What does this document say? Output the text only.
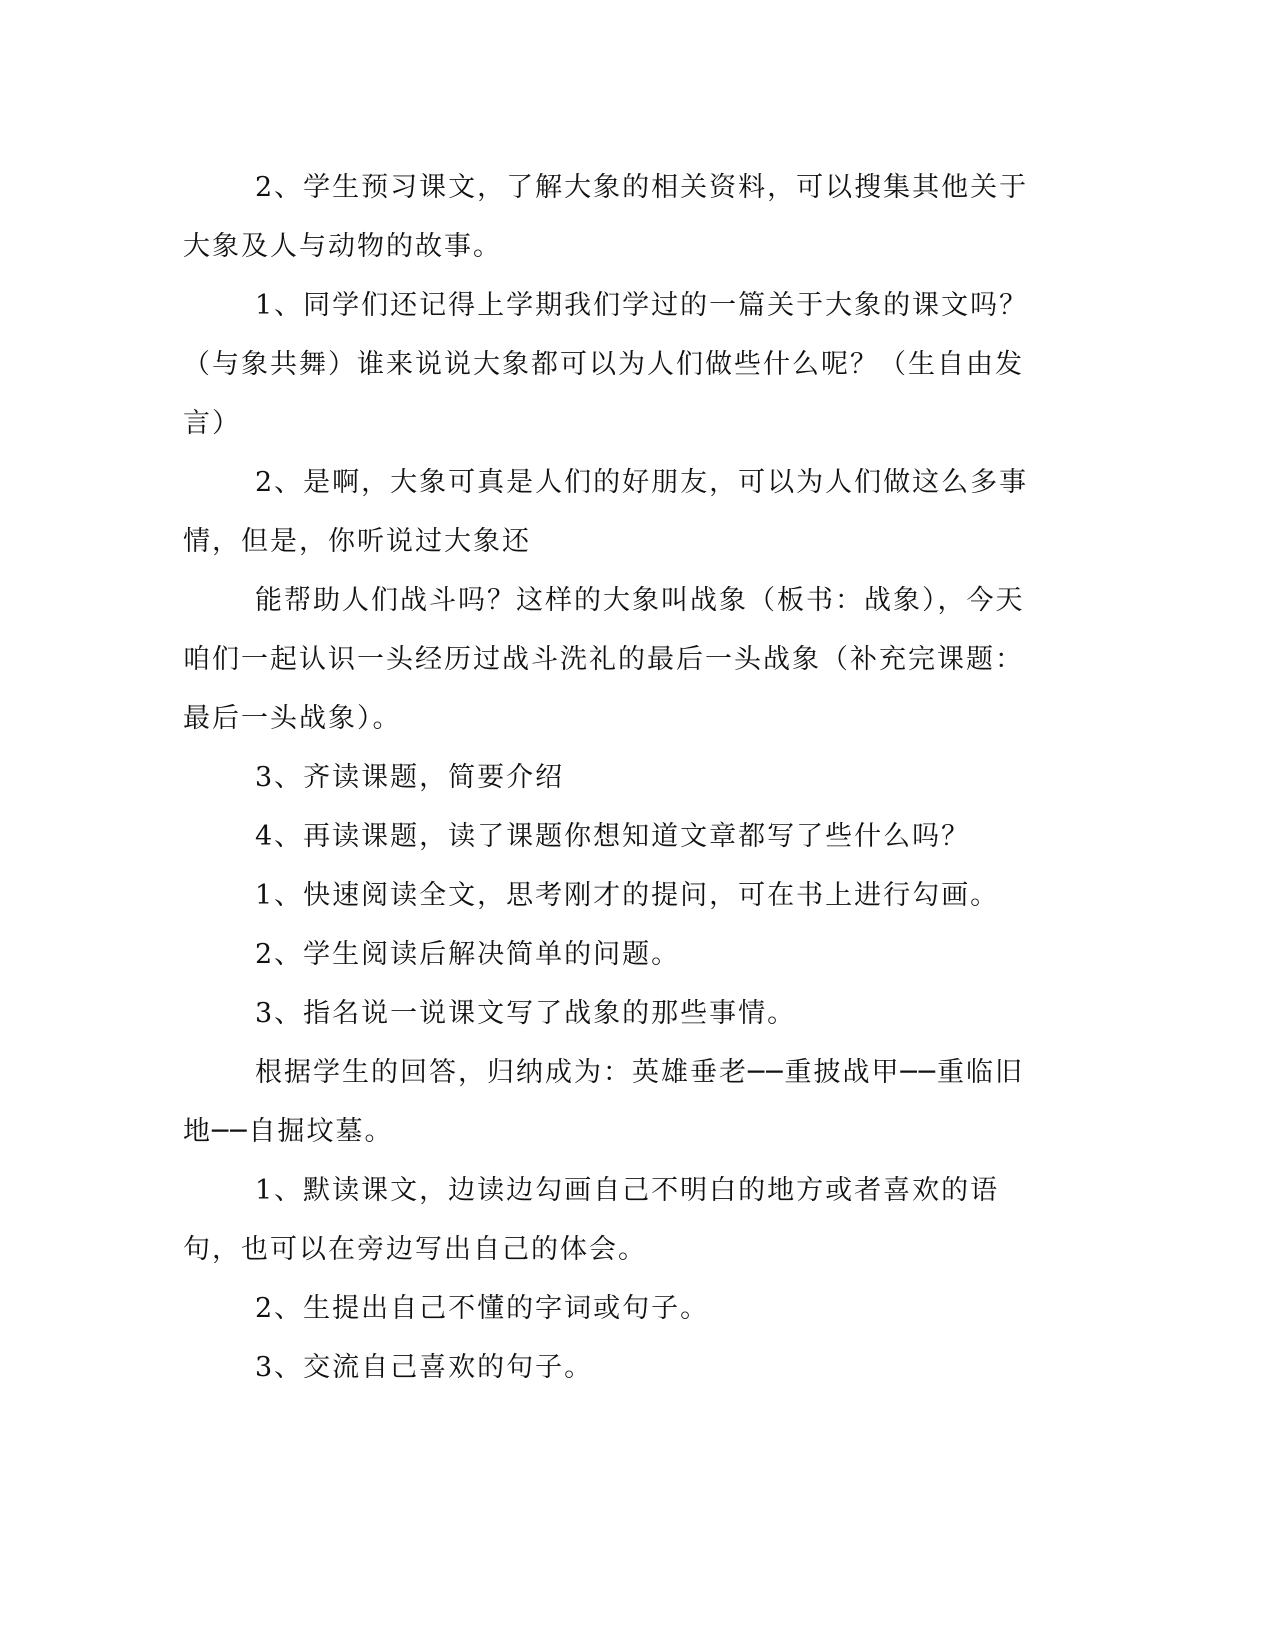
2、学生预习课文，了解大象的相关资料，可以搜集其他关于大象及人与动物的故事。

1、同学们还记得上学期我们学过的一篇关于大象的课文吗？（与象共舞）谁来说说大象都可以为人们做些什么呢？（生自由发言）

2、是啊，大象可真是人们的好朋友，可以为人们做这么多事情，但是，你听说过大象还

能帮助人们战斗吗？这样的大象叫战象（板书：战象），今天咱们一起认识一头经历过战斗洗礼的最后一头战象（补充完课题：最后一头战象）。

3、齐读课题，简要介绍

4、再读课题，读了课题你想知道文章都写了些什么吗？

1、快速阅读全文，思考刚才的提问，可在书上进行勾画。

2、学生阅读后解决简单的问题。

3、指名说一说课文写了战象的那些事情。

根据学生的回答，归纳成为：英雄垂老──重披战甲──重临旧地──自掘坟墓。

1、默读课文，边读边勾画自己不明白的地方或者喜欢的语句，也可以在旁边写出自己的体会。

2、生提出自己不懂的字词或句子。

3、交流自己喜欢的句子。
